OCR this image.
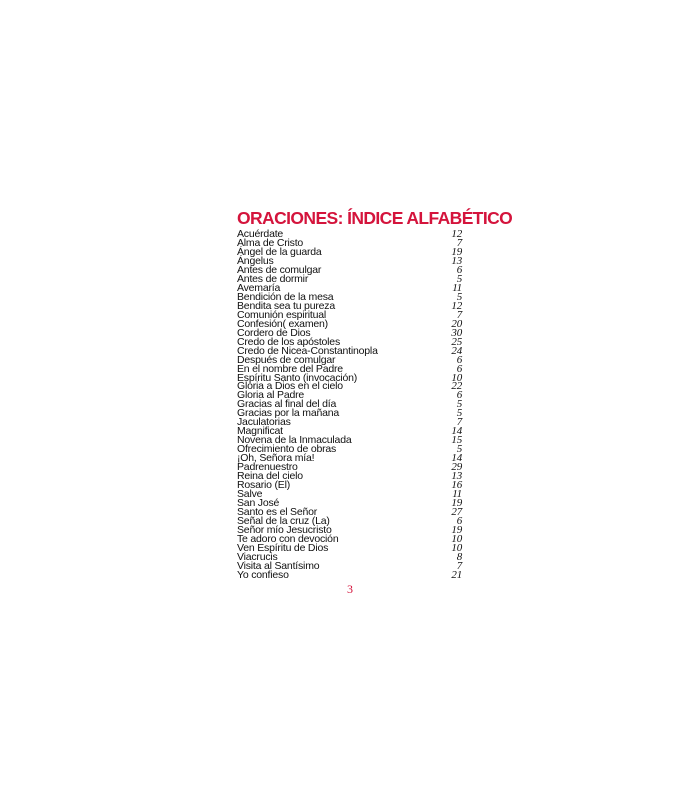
ORACIONES: ÍNDICE ALFABÉTICO
Acuérdate	12
Alma de Cristo	7
Ángel de la guarda	19
Ángelus	13
Antes de comulgar	6
Antes de dormir	5
Avemaría	11
Bendición de la mesa	5
Bendita sea tu pureza	12
Comunión espiritual	7
Confesión( examen)	20
Cordero de Dios	30
Credo de los apóstoles	25
Credo de Nicea-Constantinopla	24
Después de comulgar	6
En el nombre del Padre	6
Espíritu Santo (invocación)	10
Gloria a Dios en el cielo	22
Gloria al Padre	6
Gracias al final del día	5
Gracias por la mañana	5
Jaculatorias	7
Magnificat	14
Novena de la Inmaculada	15
Ofrecimiento de obras	5
¡Oh, Señora mía!	14
Padrenuestro	29
Reina del cielo	13
Rosario (El)	16
Salve	11
San José	19
Santo es el Señor	27
Señal de la cruz (La)	6
Señor mío Jesucristo	19
Te adoro con devoción	10
Ven Espíritu de Dios	10
Viacrucis	8
Visita al Santísimo	7
Yo confieso	21
3
